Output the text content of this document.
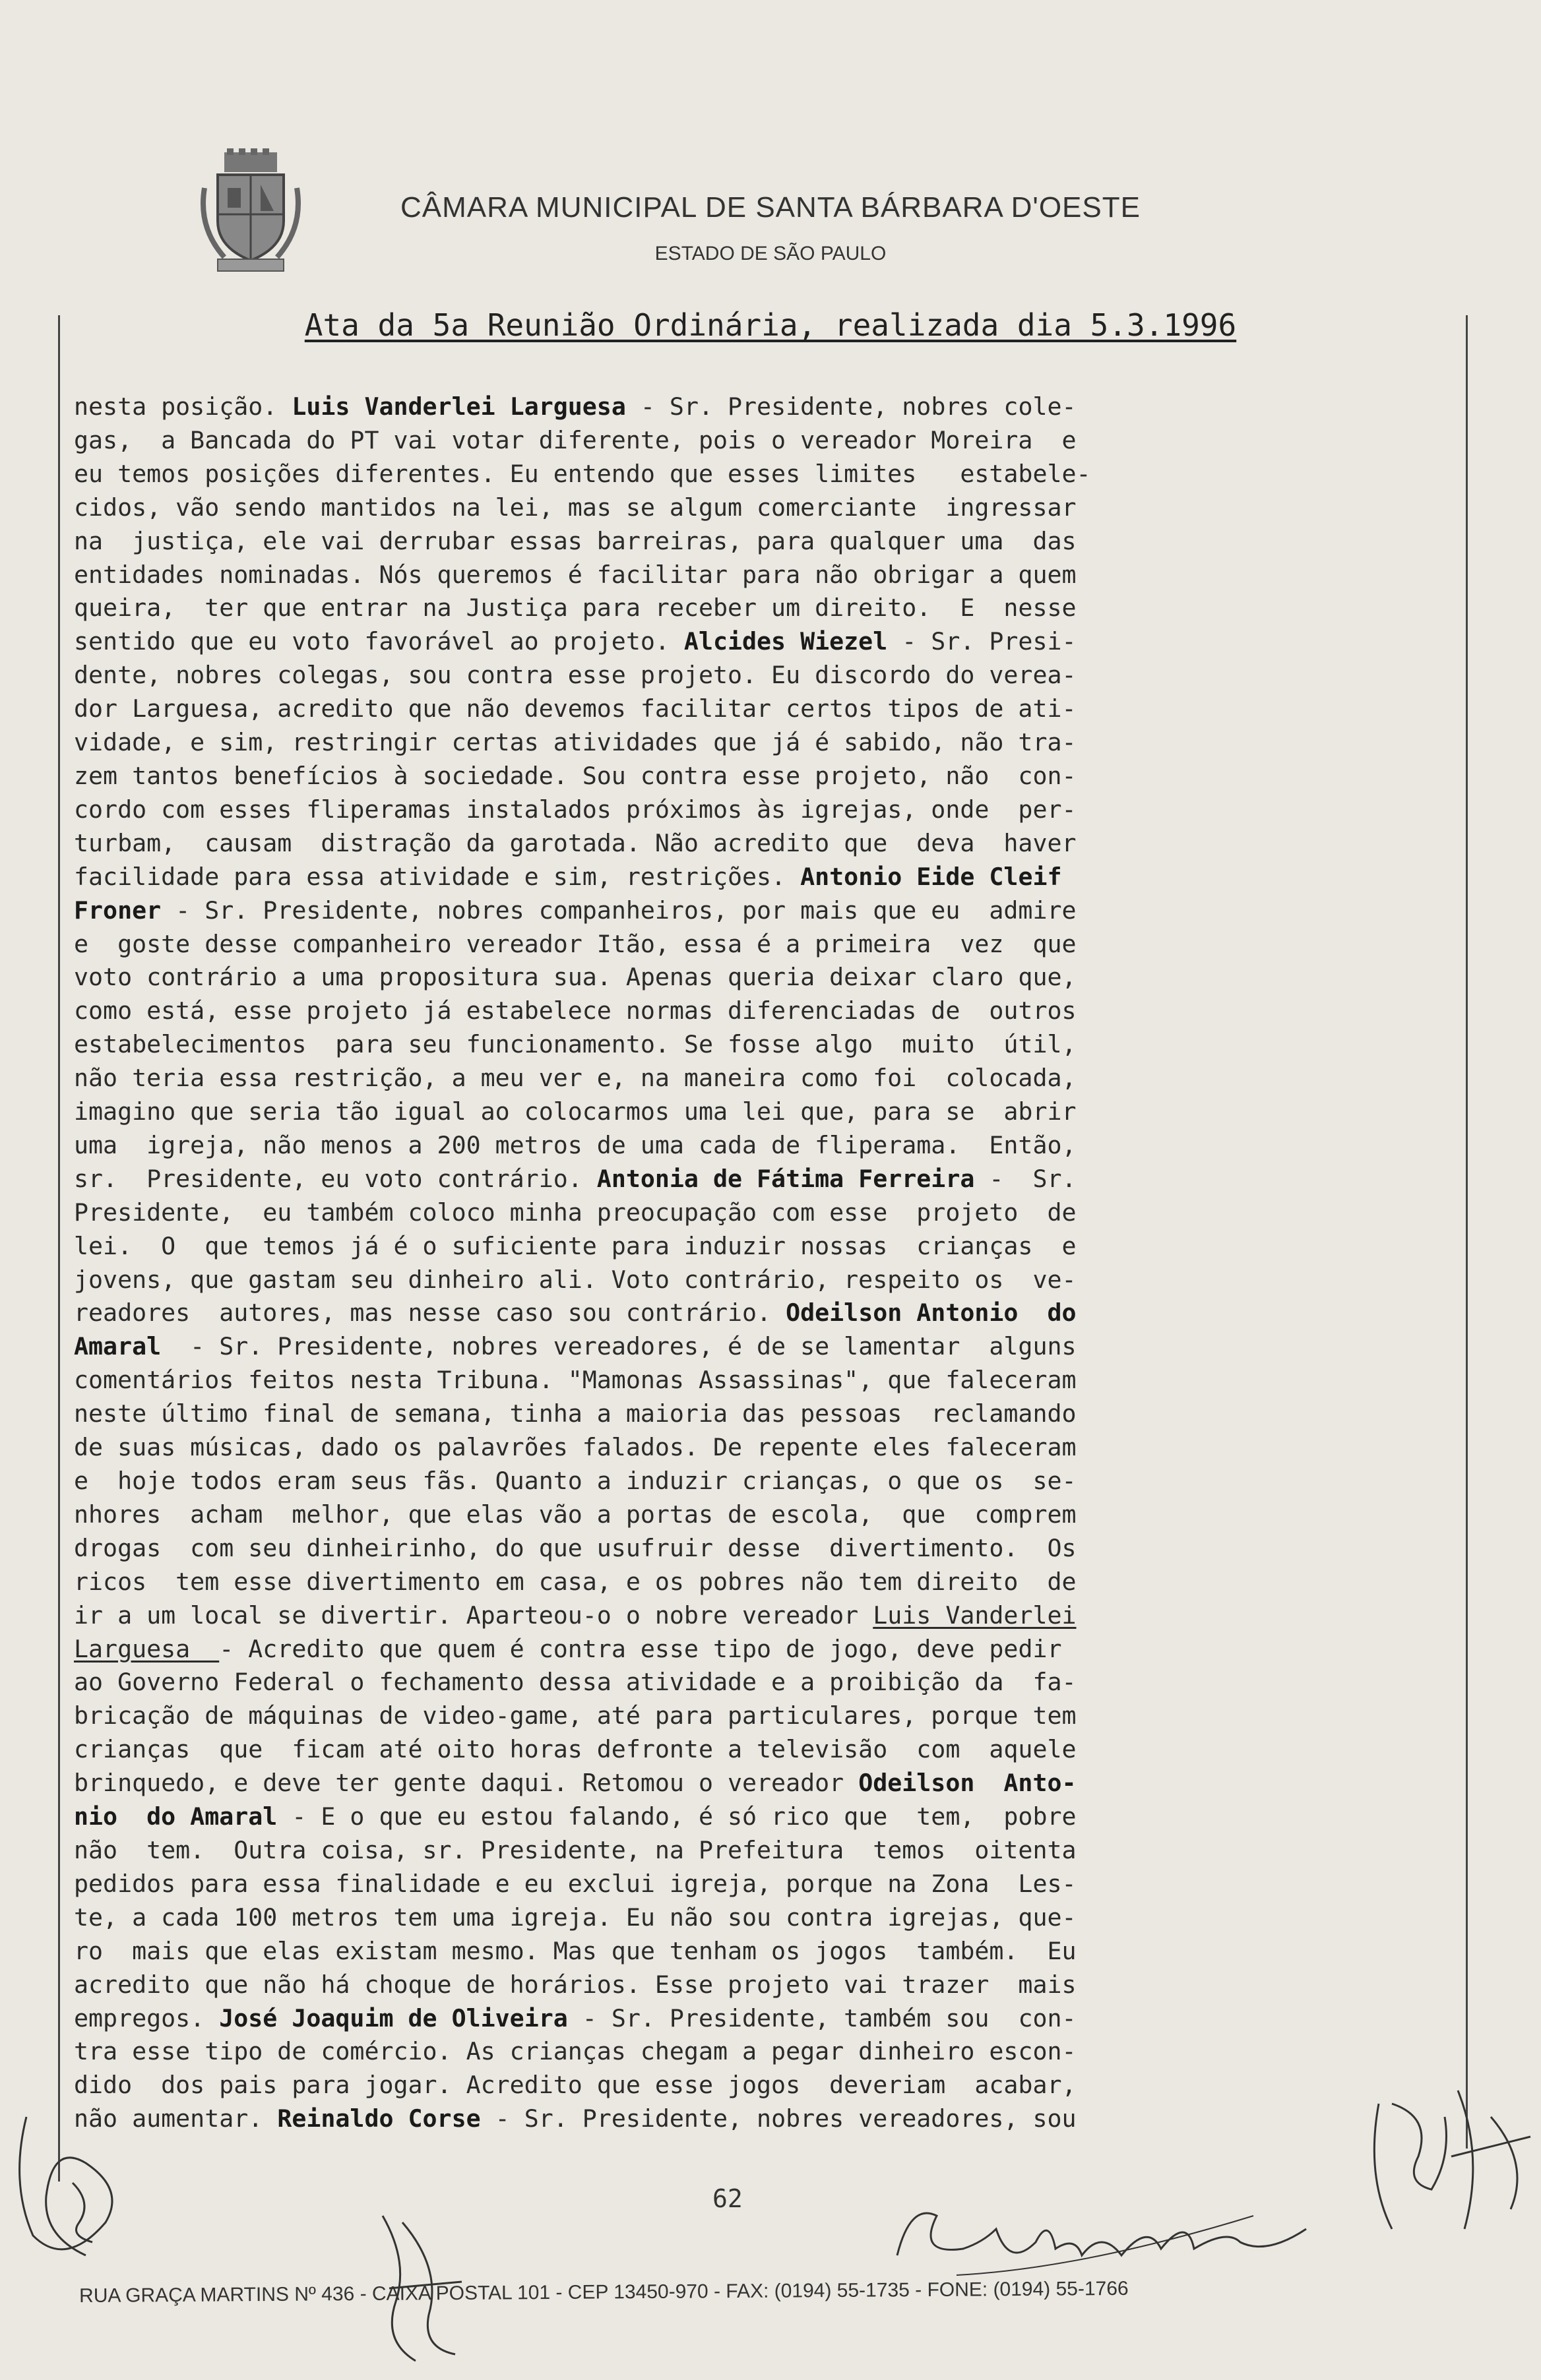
CÂMARA MUNICIPAL DE SANTA BÁRBARA D'OESTE
ESTADO DE SÃO PAULO
Ata da 5a Reunião Ordinária, realizada dia 5.3.1996
nesta posição. Luis Vanderlei Larguesa - Sr. Presidente, nobres cole-
gas,  a Bancada do PT vai votar diferente, pois o vereador Moreira  e
eu temos posições diferentes. Eu entendo que esses limites   estabele-
cidos, vão sendo mantidos na lei, mas se algum comerciante  ingressar
na  justiça, ele vai derrubar essas barreiras, para qualquer uma  das
entidades nominadas. Nós queremos é facilitar para não obrigar a quem
queira,  ter que entrar na Justiça para receber um direito.  E  nesse
sentido que eu voto favorável ao projeto. Alcides Wiezel - Sr. Presi-
dente, nobres colegas, sou contra esse projeto. Eu discordo do verea-
dor Larguesa, acredito que não devemos facilitar certos tipos de ati-
vidade, e sim, restringir certas atividades que já é sabido, não tra-
zem tantos benefícios à sociedade. Sou contra esse projeto, não  con-
cordo com esses fliperamas instalados próximos às igrejas, onde  per-
turbam,  causam  distração da garotada. Não acredito que  deva  haver
facilidade para essa atividade e sim, restrições. Antonio Eide Cleif
Froner - Sr. Presidente, nobres companheiros, por mais que eu  admire
e  goste desse companheiro vereador Itão, essa é a primeira  vez  que
voto contrário a uma propositura sua. Apenas queria deixar claro que,
como está, esse projeto já estabelece normas diferenciadas de  outros
estabelecimentos  para seu funcionamento. Se fosse algo  muito  útil,
não teria essa restrição, a meu ver e, na maneira como foi  colocada,
imagino que seria tão igual ao colocarmos uma lei que, para se  abrir
uma  igreja, não menos a 200 metros de uma cada de fliperama.  Então,
sr.  Presidente, eu voto contrário. Antonia de Fátima Ferreira -  Sr.
Presidente,  eu também coloco minha preocupação com esse  projeto  de
lei.  O  que temos já é o suficiente para induzir nossas  crianças  e
jovens, que gastam seu dinheiro ali. Voto contrário, respeito os  ve-
readores  autores, mas nesse caso sou contrário. Odeilson Antonio  do
Amaral  - Sr. Presidente, nobres vereadores, é de se lamentar  alguns
comentários feitos nesta Tribuna. "Mamonas Assassinas", que faleceram
neste último final de semana, tinha a maioria das pessoas  reclamando
de suas músicas, dado os palavrões falados. De repente eles faleceram
e  hoje todos eram seus fãs. Quanto a induzir crianças, o que os  se-
nhores  acham  melhor, que elas vão a portas de escola,  que  comprem
drogas  com seu dinheirinho, do que usufruir desse  divertimento.  Os
ricos  tem esse divertimento em casa, e os pobres não tem direito  de
ir a um local se divertir. Aparteou-o o nobre vereador Luis Vanderlei
Larguesa  - Acredito que quem é contra esse tipo de jogo, deve pedir
ao Governo Federal o fechamento dessa atividade e a proibição da  fa-
bricação de máquinas de video-game, até para particulares, porque tem
crianças  que  ficam até oito horas defronte a televisão  com  aquele
brinquedo, e deve ter gente daqui. Retomou o vereador Odeilson  Anto-
nio  do Amaral - E o que eu estou falando, é só rico que  tem,  pobre
não  tem.  Outra coisa, sr. Presidente, na Prefeitura  temos  oitenta
pedidos para essa finalidade e eu exclui igreja, porque na Zona  Les-
te, a cada 100 metros tem uma igreja. Eu não sou contra igrejas, que-
ro  mais que elas existam mesmo. Mas que tenham os jogos  também.  Eu
acredito que não há choque de horários. Esse projeto vai trazer  mais
empregos. José Joaquim de Oliveira - Sr. Presidente, também sou  con-
tra esse tipo de comércio. As crianças chegam a pegar dinheiro escon-
dido  dos pais para jogar. Acredito que esse jogos  deveriam  acabar,
não aumentar. Reinaldo Corse - Sr. Presidente, nobres vereadores, sou
62
RUA GRAÇA MARTINS Nº 436 - CAIXA POSTAL 101 - CEP 13450-970 - FAX: (0194) 55-1735 - FONE: (0194) 55-1766
